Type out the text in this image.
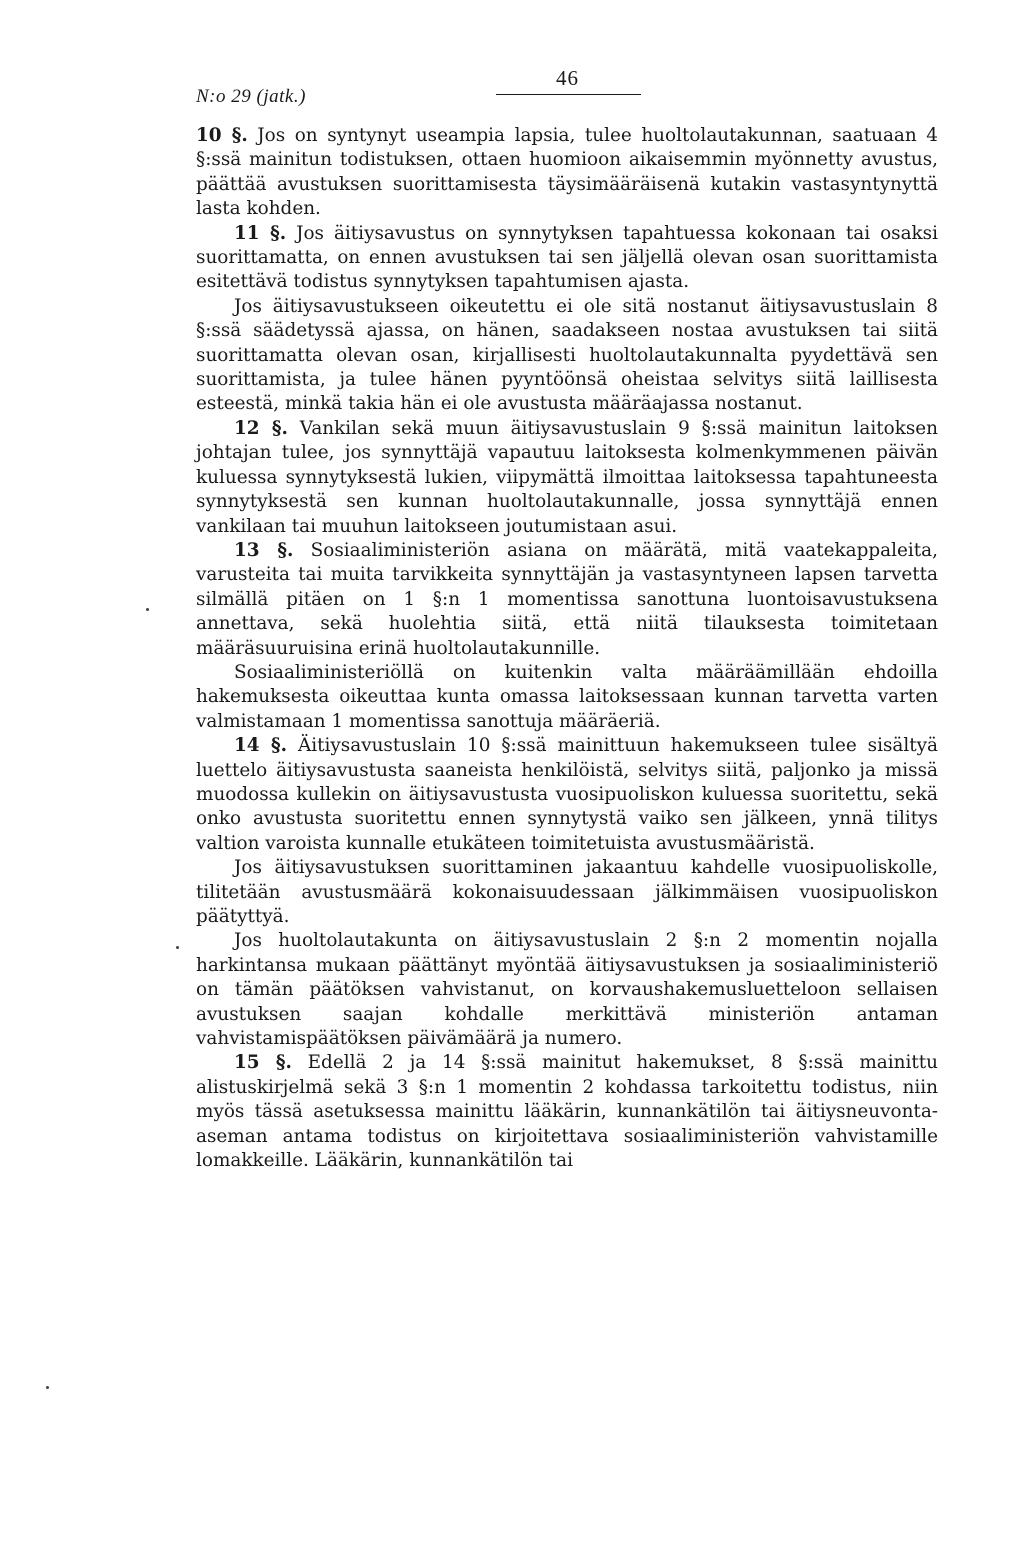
N:o 29 (jatk.)
46

10 §. Jos on syntynyt useampia lapsia, tulee huoltolautakunnan, saatuaan 4 §:ssä mainitun todistuksen, ottaen huomioon aikaisemmin myönnetty avustus, päättää avustuksen suorittamisesta täysimääräisenä kutakin vastasyntynyttä lasta kohden.

11 §. Jos äitiysavustus on synnytyksen tapahtuessa kokonaan tai osaksi suorittamatta, on ennen avustuksen tai sen jäljellä olevan osan suorittamista esitettävä todistus synnytyksen tapahtumisen ajasta.

Jos äitiysavustukseen oikeutettu ei ole sitä nostanut äitiysavustuslain 8 §:ssä säädetyssä ajassa, on hänen, saadakseen nostaa avustuksen tai siitä suorittamatta olevan osan, kirjallisesti huoltolautakunnalta pyydettävä sen suorittamista, ja tulee hänen pyyntöönsä oheistaa selvitys siitä laillisesta esteestä, minkä takia hän ei ole avustusta määräajassa nostanut.

12 §. Vankilan sekä muun äitiysavustuslain 9 §:ssä mainitun laitoksen johtajan tulee, jos synnyttäjä vapautuu laitoksesta kolmenkymmenen päivän kuluessa synnytyksestä lukien, viipymättä ilmoittaa laitoksessa tapahtuneesta synnytyksestä sen kunnan huoltolautakunnalle, jossa synnyttäjä ennen vankilaan tai muuhun laitokseen joutumistaan asui.

13 §. Sosiaaliministeriön asiana on määrätä, mitä vaatekappaleita, varusteita tai muita tarvikkeita synnyttäjän ja vastasyntyneen lapsen tarvetta silmällä pitäen on 1 §:n 1 momentissa sanottuna luontoisavustuksena annettava, sekä huolehtia siitä, että niitä tilauksesta toimitetaan määräsuuruisina erinä huoltolautakunnille.

Sosiaaliministeriöllä on kuitenkin valta määräämillään ehdoilla hakemuksesta oikeuttaa kunta omassa laitoksessaan kunnan tarvetta varten valmistamaan 1 momentissa sanottuja määräeriä.

14 §. Äitiysavustuslain 10 §:ssä mainittuun hakemukseen tulee sisältyä luettelo äitiysavustusta saaneista henkilöistä, selvitys siitä, paljonko ja missä muodossa kullekin on äitiysavustusta vuosipuoliskon kuluessa suoritettu, sekä onko avustusta suoritettu ennen synnytystä vaiko sen jälkeen, ynnä tilitys valtion varoista kunnalle etukäteen toimitetuista avustusmääristä.

Jos äitiysavustuksen suorittaminen jakaantuu kahdelle vuosipuoliskolle, tilitetään avustusmäärä kokonaisuudessaan jälkimmäisen vuosipuoliskon päätyttyä.

Jos huoltolautakunta on äitiysavustuslain 2 §:n 2 momentin nojalla harkintansa mukaan päättänyt myöntää äitiysavustuksen ja sosiaaliministeriö on tämän päätöksen vahvistanut, on korvaushakemusluetteloon sellaisen avustuksen saajan kohdalle merkittävä ministeriön antaman vahvistamispäätöksen päivämäärä ja numero.

15 §. Edellä 2 ja 14 §:ssä mainitut hakemukset, 8 §:ssä mainittu alistuskirjelmä sekä 3 §:n 1 momentin 2 kohdassa tarkoitettu todistus, niin myös tässä asetuksessa mainittu lääkärin, kunnankätilön tai äitiysneuvonta-aseman antama todistus on kirjoitettava sosiaaliministeriön vahvistamille lomakkeille. Lääkärin, kunnankätilön tai
